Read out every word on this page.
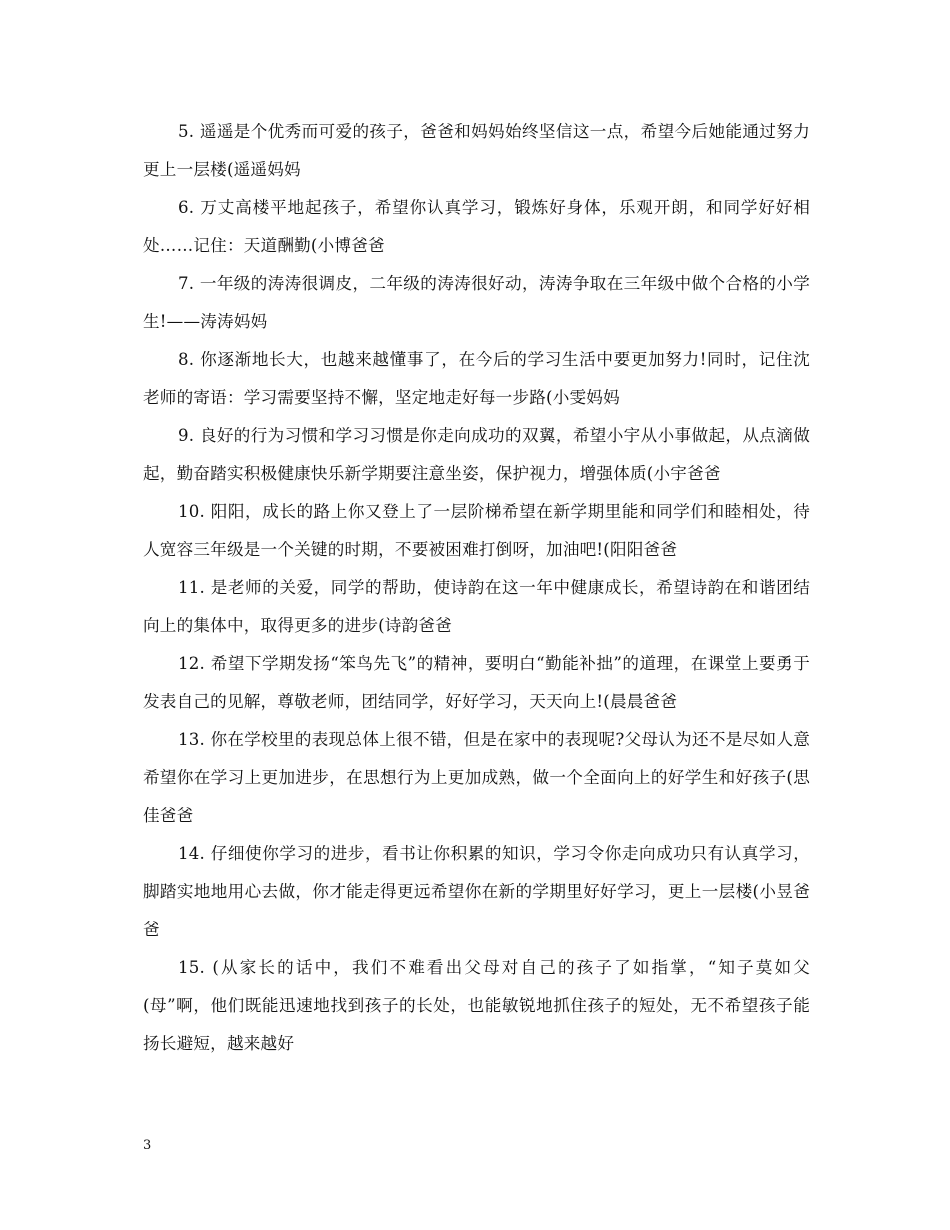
5. 遥遥是个优秀而可爱的孩子，爸爸和妈妈始终坚信这一点，希望今后她能通过努力更上一层楼(遥遥妈妈

6. 万丈高楼平地起孩子，希望你认真学习，锻炼好身体，乐观开朗，和同学好好相处……记住：天道酬勤(小博爸爸

7. 一年级的涛涛很调皮，二年级的涛涛很好动，涛涛争取在三年级中做个合格的小学生!——涛涛妈妈

8. 你逐渐地长大，也越来越懂事了，在今后的学习生活中要更加努力!同时，记住沈老师的寄语：学习需要坚持不懈，坚定地走好每一步路(小雯妈妈

9. 良好的行为习惯和学习习惯是你走向成功的双翼，希望小宇从小事做起，从点滴做起，勤奋踏实积极健康快乐新学期要注意坐姿，保护视力，增强体质(小宇爸爸

10. 阳阳，成长的路上你又登上了一层阶梯希望在新学期里能和同学们和睦相处，待人宽容三年级是一个关键的时期，不要被困难打倒呀，加油吧!(阳阳爸爸

11. 是老师的关爱，同学的帮助，使诗韵在这一年中健康成长，希望诗韵在和谐团结向上的集体中，取得更多的进步(诗韵爸爸

12. 希望下学期发扬“笨鸟先飞”的精神，要明白“勤能补拙”的道理，在课堂上要勇于发表自己的见解，尊敬老师，团结同学，好好学习，天天向上!(晨晨爸爸

13. 你在学校里的表现总体上很不错，但是在家中的表现呢?父母认为还不是尽如人意希望你在学习上更加进步，在思想行为上更加成熟，做一个全面向上的好学生和好孩子(思佳爸爸

14. 仔细使你学习的进步，看书让你积累的知识，学习令你走向成功只有认真学习，脚踏实地地用心去做，你才能走得更远希望你在新的学期里好好学习，更上一层楼(小昱爸爸

15. (从家长的话中，我们不难看出父母对自己的孩子了如指掌，“知子莫如父(母”啊，他们既能迅速地找到孩子的长处，也能敏锐地抓住孩子的短处，无不希望孩子能扬长避短，越来越好

3
